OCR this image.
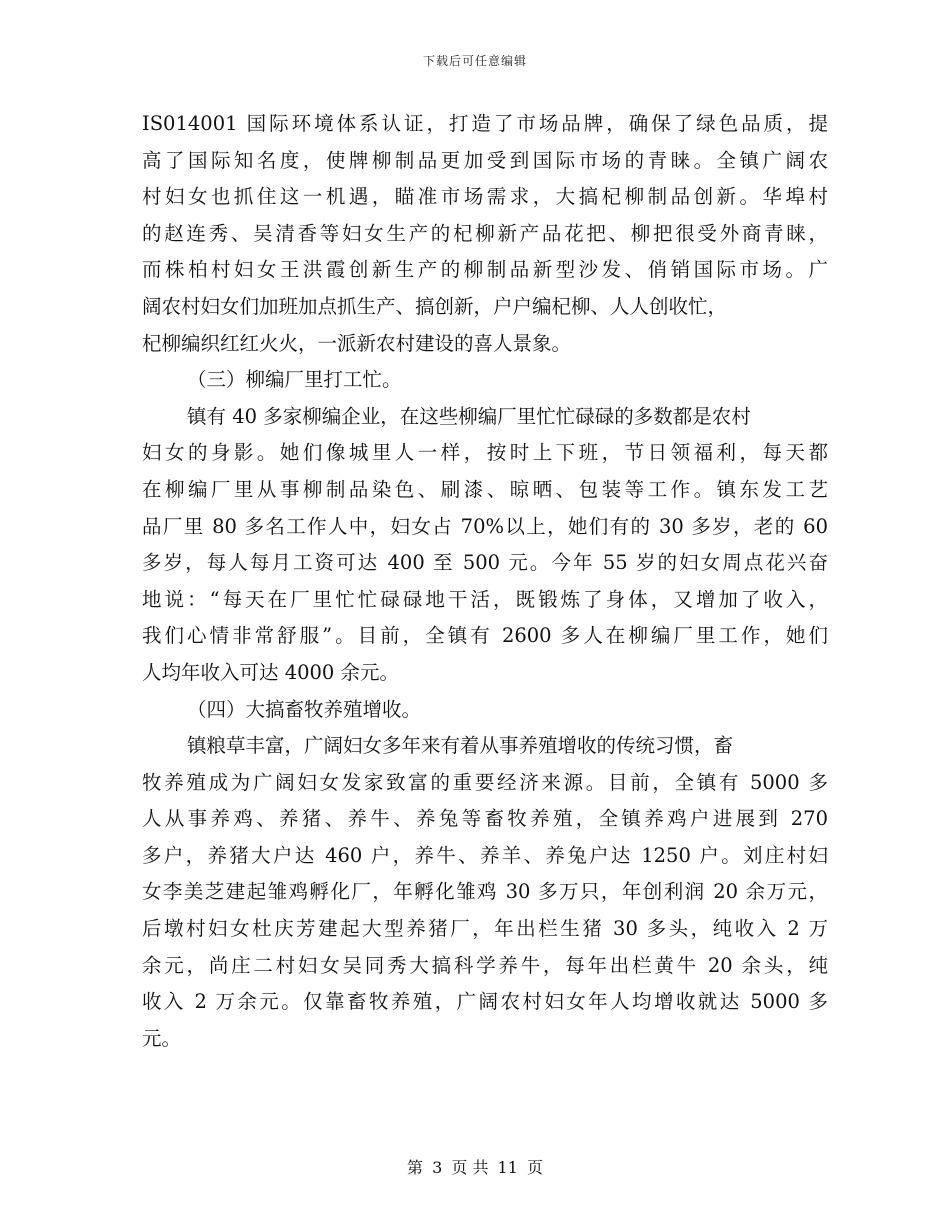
下载后可任意编辑
IS014001 国际环境体系认证，打造了市场品牌，确保了绿色品质，提
高了国际知名度，使牌柳制品更加受到国际市场的青睐。全镇广阔农
村妇女也抓住这一机遇，瞄准市场需求，大搞杞柳制品创新。华埠村
的赵连秀、吴清香等妇女生产的杞柳新产品花把、柳把很受外商青睐，
而株柏村妇女王洪霞创新生产的柳制品新型沙发、俏销国际市场。广
阔农村妇女们加班加点抓生产、搞创新，户户编杞柳、人人创收忙，
杞柳编织红红火火，一派新农村建设的喜人景象。
（三）柳编厂里打工忙。
镇有 40 多家柳编企业，在这些柳编厂里忙忙碌碌的多数都是农村
妇女的身影。她们像城里人一样，按时上下班，节日领福利，每天都
在柳编厂里从事柳制品染色、刷漆、晾晒、包装等工作。镇东发工艺
品厂里 80 多名工作人中，妇女占 70%以上，她们有的 30 多岁，老的 60
多岁，每人每月工资可达 400 至 500 元。今年 55 岁的妇女周点花兴奋
地说：“每天在厂里忙忙碌碌地干活，既锻炼了身体，又增加了收入，
我们心情非常舒服”。目前，全镇有 2600 多人在柳编厂里工作，她们
人均年收入可达 4000 余元。
（四）大搞畜牧养殖增收。
镇粮草丰富，广阔妇女多年来有着从事养殖增收的传统习惯，畜
牧养殖成为广阔妇女发家致富的重要经济来源。目前，全镇有 5000 多
人从事养鸡、养猪、养牛、养兔等畜牧养殖，全镇养鸡户进展到 270
多户，养猪大户达 460 户，养牛、养羊、养兔户达 1250 户。刘庄村妇
女李美芝建起雏鸡孵化厂，年孵化雏鸡 30 多万只，年创利润 20 余万元，
后墩村妇女杜庆芳建起大型养猪厂，年出栏生猪 30 多头，纯收入 2 万
余元，尚庄二村妇女吴同秀大搞科学养牛，每年出栏黄牛 20 余头，纯
收入 2 万余元。仅靠畜牧养殖，广阔农村妇女年人均增收就达 5000 多
元。
第 3 页 共 11 页
